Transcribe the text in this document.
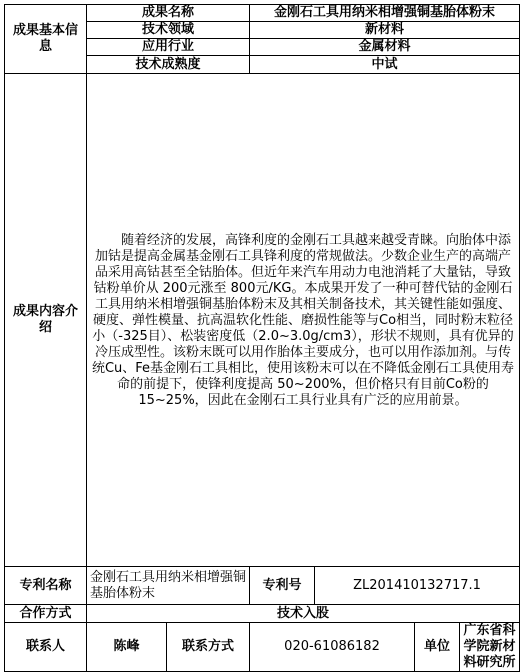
成果基本信息	成果名称		金刚石工具用纳米相增强铜基胎体粉末			
	技术领域		新材料			
	应用行业		金属材料			
	技术成熟度		中试			
成果内容介绍	随着经济的发展，高锋利度的金刚石工具越来越受青睐。向胎体中添加钴是提高金属基金刚石工具锋利度的常规做法。少数企业生产的高端产品采用高钴甚至全钴胎体。但近年来汽车用动力电池消耗了大量钴，导致钴粉单价从 200元涨至 800元/KG。本成果开发了一种可替代钴的金刚石工具用纳米相增强铜基胎体粉末及其相关制备技术，其关键性能如强度、硬度、弹性模量、抗高温软化性能、磨损性能等与Co相当，同时粉末粒径小（-325目）、松装密度低（2.0~3.0g/cm3），形状不规则，具有优异的冷压成型性。该粉末既可以用作胎体主要成分，也可以用作添加剂。与传统Cu、Fe基金刚石工具相比，使用该粉末可以在不降低金刚石工具使用寿命的前提下，使锋利度提高 50~200%，但价格只有目前Co粉的15~25%，因此在金刚石工具行业具有广泛的应用前景。					

专利名称	金刚石工具用纳米相增强铜基胎体粉末		专利号	ZL201410132717.1		
合作方式	技术入股					
联系人	陈峰	联系方式	020-61086182		单位	广东省科学院新材料研究所
